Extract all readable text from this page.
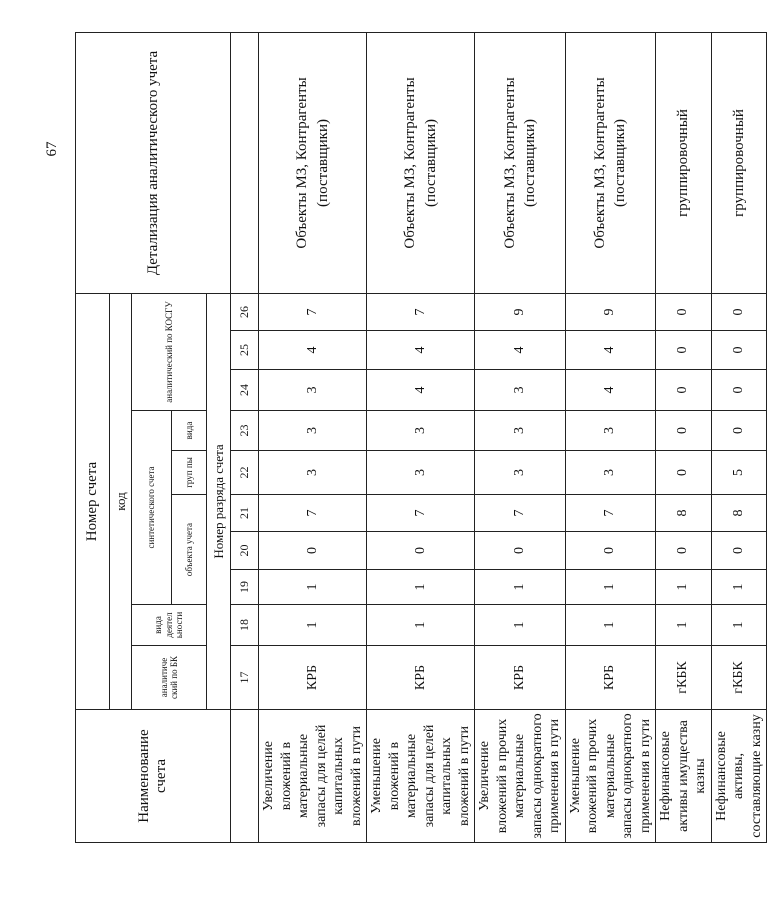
67
Наименование счета	Номер счета										Детализация аналитического учета
	код										
	аналитиче ский по БК	вида деятел ьности	синтетического счета					аналитический по КОСГУ			
			объекта учета			груп пы	вида				
	Номер разряда счета										
	17	18	19	20	21	22	23	24	25	26	
Увеличение вложений в материальные запасы для целей капитальных вложений в пути	КРБ	1	1	0	7	3	3	3	4	7	Объекты МЗ, Контрагенты (поставщики)
Уменьшение вложений в материальные запасы для целей капитальных вложений в пути	КРБ	1	1	0	7	3	3	4	4	7	Объекты МЗ, Контрагенты (поставщики)
Увеличение вложений в прочих материальные запасы однократного применения в пути	КРБ	1	1	0	7	3	3	3	4	9	Объекты МЗ, Контрагенты (поставщики)
Уменьшение вложений в прочих материальные запасы однократного применения в пути	КРБ	1	1	0	7	3	3	4	4	9	Объекты МЗ, Контрагенты (поставщики)
Нефинансовые активы имущества казны	гКБК	1	1	0	8	0	0	0	0	0	группировочный
Нефинансовые активы, составляющие казну	гКБК	1	1	0	8	5	0	0	0	0	группировочный
